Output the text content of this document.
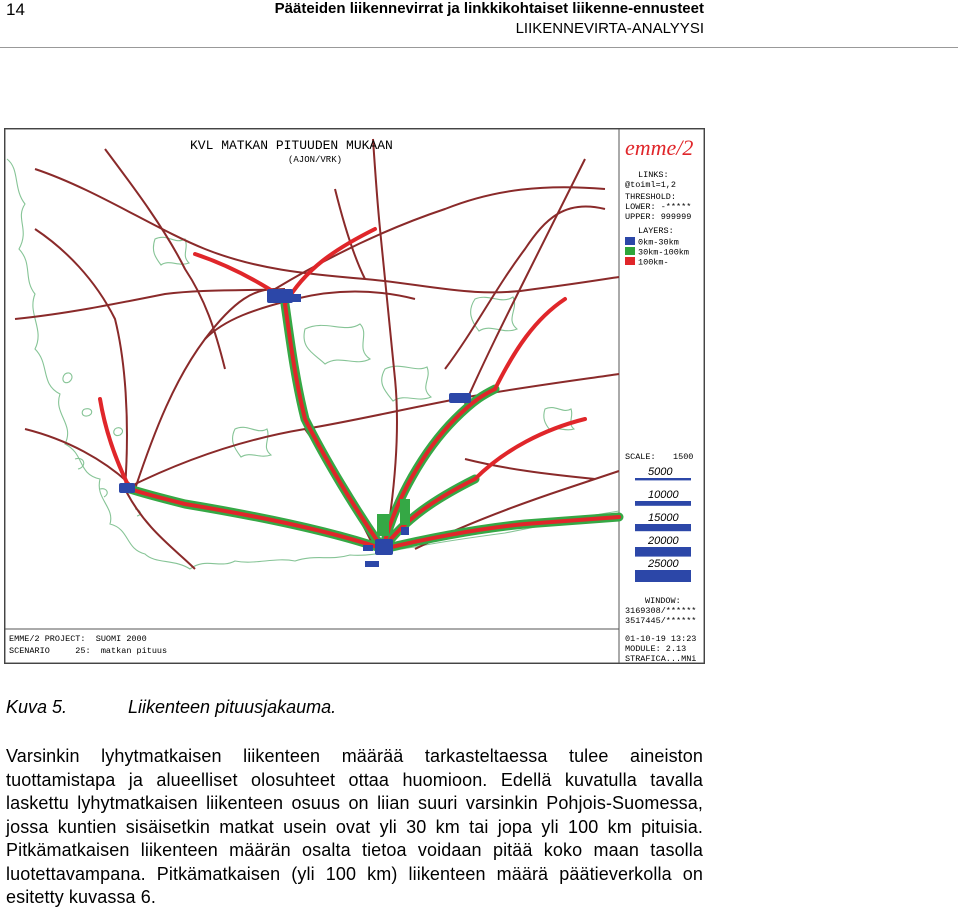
14	Pääteiden liikennevirrat ja linkkikohtaiset liikenne-ennusteet
LIIKENNEVIRTA-ANALYYSI
KVL MATKAN PITUUDEN MUKAAN
(AJON/VRK)	emme/2
LINKS:
@toiml=1,2
THRESHOLD:
LOWER: -*****
UPPER: 999999
LAYERS:
0km-30km
30km-100km
100km-
SCALE: 1500
5000
10000
15000
20000
25000
WINDOW:
3169308/******
3517445/******
01-10-19 13:23
MODULE: 2.13
STRAFICA...MNi
EMME/2 PROJECT:  SUOMI 2000
SCENARIO     25:  matkan pituus
Kuva 5.	Liikenteen pituusjakauma.

Varsinkin lyhytmatkaisen liikenteen määrää tarkasteltaessa tulee aineiston tuottamistapa ja alueelliset olosuhteet ottaa huomioon. Edellä kuvatulla tavalla laskettu lyhytmatkaisen liikenteen osuus on liian suuri varsinkin Pohjois-Suomessa, jossa kuntien sisäisetkin matkat usein ovat yli 30 km tai jopa yli 100 km pituisia. Pitkämatkaisen liikenteen määrän osalta tietoa voidaan pitää koko maan tasolla luotettavampana. Pitkämatkaisen (yli 100 km) liikenteen määrä päätieverkolla on esitetty kuvassa 6.
